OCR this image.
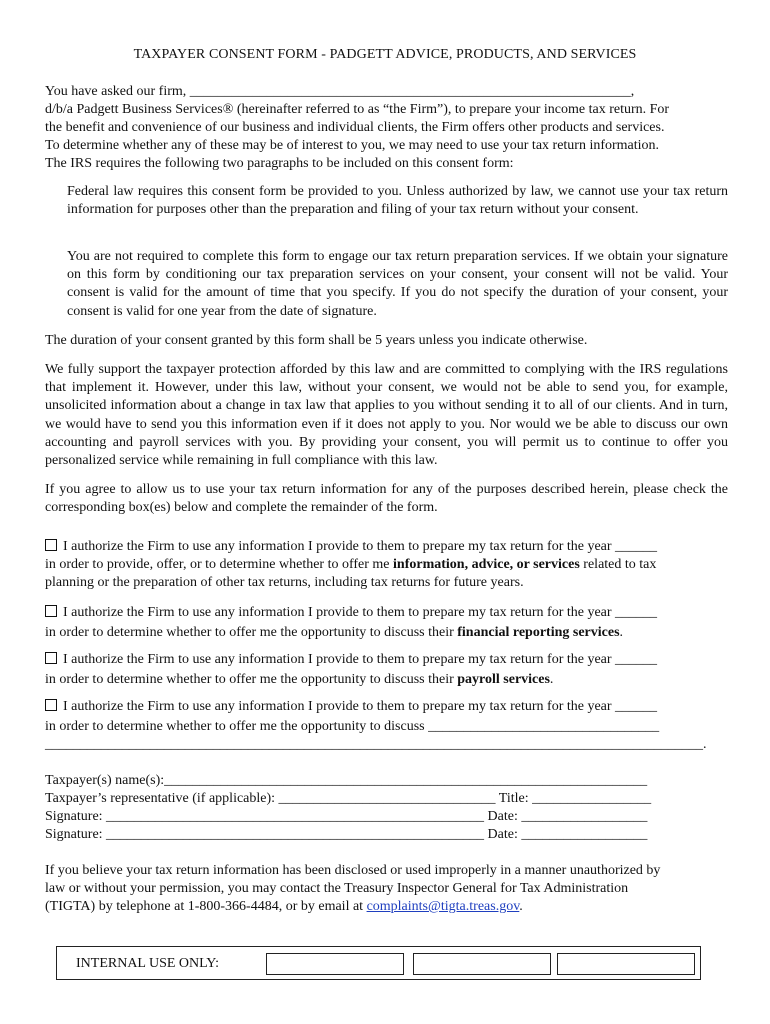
TAXPAYER CONSENT FORM - PADGETT ADVICE, PRODUCTS, AND SERVICES
You have asked our firm, _______________________________________________________________,
d/b/a Padgett Business Services® (hereinafter referred to as “the Firm”), to prepare your income tax return. For
the benefit and convenience of our business and individual clients, the Firm offers other products and services.
To determine whether any of these may be of interest to you, we may need to use your tax return information.
The IRS requires the following two paragraphs to be included on this consent form:
Federal law requires this consent form be provided to you. Unless authorized by law, we cannot use your tax return information for purposes other than the preparation and filing of your tax return without your consent.
You are not required to complete this form to engage our tax return preparation services. If we obtain your signature on this form by conditioning our tax preparation services on your consent, your consent will not be valid. Your consent is valid for the amount of time that you specify. If you do not specify the duration of your consent, your consent is valid for one year from the date of signature.
The duration of your consent granted by this form shall be 5 years unless you indicate otherwise.
We fully support the taxpayer protection afforded by this law and are committed to complying with the IRS regulations that implement it. However, under this law, without your consent, we would not be able to send you, for example, unsolicited information about a change in tax law that applies to you without sending it to all of our clients. And in turn, we would have to send you this information even if it does not apply to you. Nor would we be able to discuss our own accounting and payroll services with you. By providing your consent, you will permit us to continue to offer you personalized service while remaining in full compliance with this law.
If you agree to allow us to use your tax return information for any of the purposes described herein, please check the corresponding box(es) below and complete the remainder of the form.
I authorize the Firm to use any information I provide to them to prepare my tax return for the year ______
in order to provide, offer, or to determine whether to offer me information, advice, or services related to tax
planning or the preparation of other tax returns, including tax returns for future years.
I authorize the Firm to use any information I provide to them to prepare my tax return for the year ______
in order to determine whether to offer me the opportunity to discuss their financial reporting services.
I authorize the Firm to use any information I provide to them to prepare my tax return for the year ______
in order to determine whether to offer me the opportunity to discuss their payroll services.
I authorize the Firm to use any information I provide to them to prepare my tax return for the year ______
in order to determine whether to offer me the opportunity to discuss _________________________________
______________________________________________________________________________________________.
Taxpayer(s) name(s):_____________________________________________________________________
Taxpayer’s representative (if applicable): _______________________________ Title: _________________
Signature: ______________________________________________________ Date: __________________
Signature: ______________________________________________________ Date: __________________
If you believe your tax return information has been disclosed or used improperly in a manner unauthorized by
law or without your permission, you may contact the Treasury Inspector General for Tax Administration
(TIGTA) by telephone at 1-800-366-4484, or by email at complaints@tigta.treas.gov.
INTERNAL USE ONLY:
